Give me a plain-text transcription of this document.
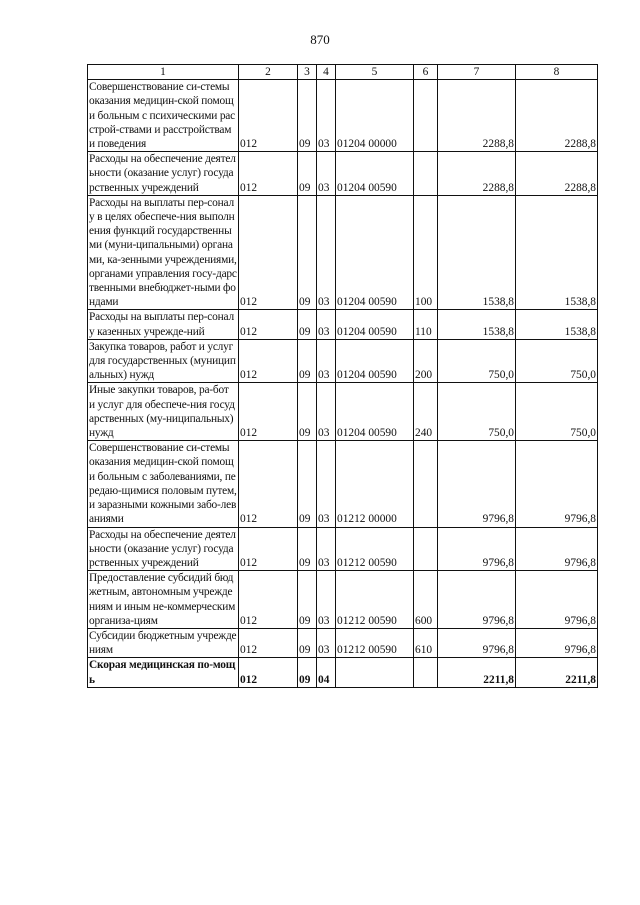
870
1	2	3	4	5	6	7	8
Совершенствование си-стемы оказания медицин-ской помощи больным с психическими расстрой-ствами и расстройствами поведения	012	09	03	01204 00000		2288,8	2288,8
Расходы на обеспечение деятельности (оказание услуг) государственных учреждений	012	09	03	01204 00590		2288,8	2288,8
Расходы на выплаты пер-соналу в целях обеспече-ния выполнения функций государственными (муни-ципальными) органами, ка-зенными учреждениями, органами управления госу-дарственными внебюджет-ными фондами	012	09	03	01204 00590	100	1538,8	1538,8
Расходы на выплаты пер-соналу казенных учрежде-ний	012	09	03	01204 00590	110	1538,8	1538,8
Закупка товаров, работ и услуг для государственных (муниципальных) нужд	012	09	03	01204 00590	200	750,0	750,0
Иные закупки товаров, ра-бот и услуг для обеспече-ния государственных (му-ниципальных) нужд	012	09	03	01204 00590	240	750,0	750,0
Совершенствование си-стемы оказания медицин-ской помощи больным с заболеваниями, передаю-щимися половым путем, и заразными кожными забо-леваниями	012	09	03	01212 00000		9796,8	9796,8
Расходы на обеспечение деятельности (оказание услуг) государственных учреждений	012	09	03	01212 00590		9796,8	9796,8
Предоставление субсидий бюджетным, автономным учреждениям и иным не-коммерческим организа-циям	012	09	03	01212 00590	600	9796,8	9796,8
Субсидии бюджетным учреждениям	012	09	03	01212 00590	610	9796,8	9796,8
Скорая медицинская по-мощь	012	09	04			2211,8	2211,8
